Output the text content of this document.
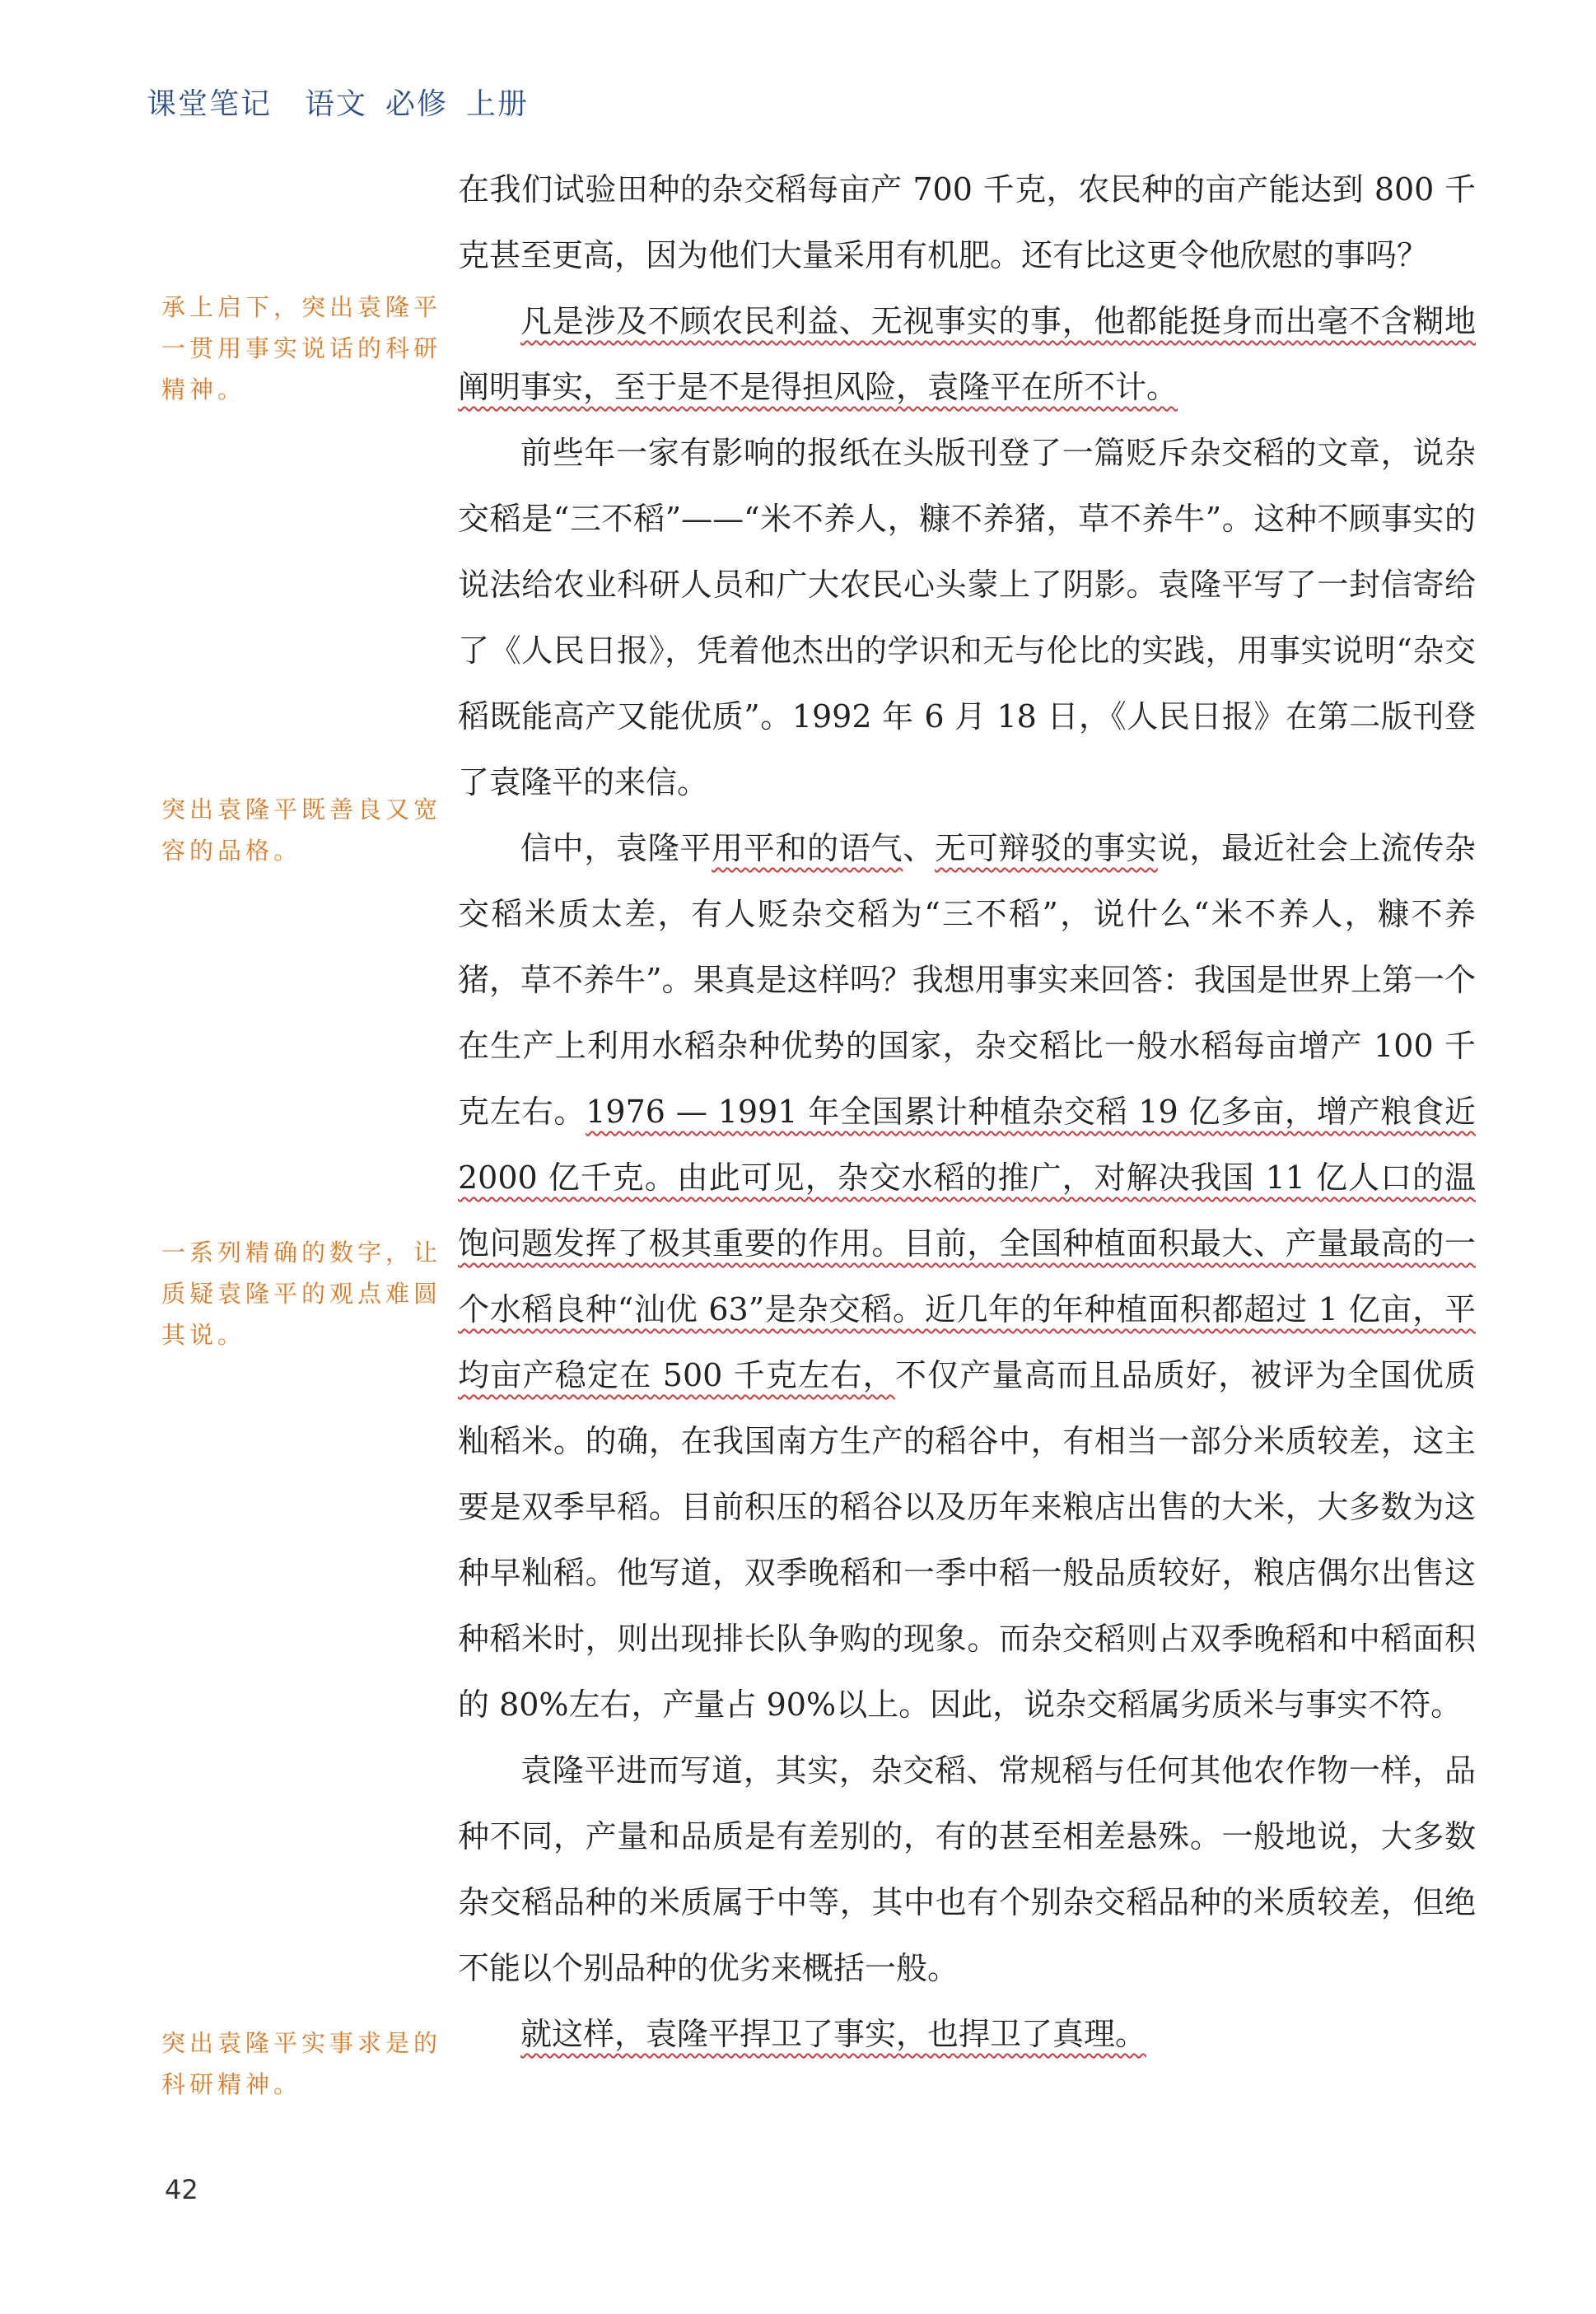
课堂笔记 语文 必修 上册
承上启下，突出袁隆平一贯用事实说话的科研精神。
突出袁隆平既善良又宽容的品格。
一系列精确的数字，让质疑袁隆平的观点难圆其说。
突出袁隆平实事求是的科研精神。

在我们试验田种的杂交稻每亩产 700 千克，农民种的亩产能达到 800 千克甚至更高，因为他们大量采用有机肥。还有比这更令他欣慰的事吗？

凡是涉及不顾农民利益、无视事实的事，他都能挺身而出毫不含糊地阐明事实，至于是不是得担风险，袁隆平在所不计。

前些年一家有影响的报纸在头版刊登了一篇贬斥杂交稻的文章，说杂交稻是“三不稻”——“米不养人，糠不养猪，草不养牛”。这种不顾事实的说法给农业科研人员和广大农民心头蒙上了阴影。袁隆平写了一封信寄给了《人民日报》，凭着他杰出的学识和无与伦比的实践，用事实说明“杂交稻既能高产又能优质”。1992 年 6 月 18 日，《人民日报》在第二版刊登了袁隆平的来信。

信中，袁隆平用平和的语气、无可辩驳的事实说，最近社会上流传杂交稻米质太差，有人贬杂交稻为“三不稻”，说什么“米不养人，糠不养猪，草不养牛”。果真是这样吗？我想用事实来回答：我国是世界上第一个在生产上利用水稻杂种优势的国家，杂交稻比一般水稻每亩增产 100 千克左右。1976 — 1991 年全国累计种植杂交稻 19 亿多亩，增产粮食近 2000 亿千克。由此可见，杂交水稻的推广，对解决我国 11 亿人口的温饱问题发挥了极其重要的作用。目前，全国种植面积最大、产量最高的一个水稻良种“汕优 63”是杂交稻。近几年的年种植面积都超过 1 亿亩，平均亩产稳定在 500 千克左右，不仅产量高而且品质好，被评为全国优质籼稻米。的确，在我国南方生产的稻谷中，有相当一部分米质较差，这主要是双季早稻。目前积压的稻谷以及历年来粮店出售的大米，大多数为这种早籼稻。他写道，双季晚稻和一季中稻一般品质较好，粮店偶尔出售这种稻米时，则出现排长队争购的现象。而杂交稻则占双季晚稻和中稻面积的 80%左右，产量占 90%以上。因此，说杂交稻属劣质米与事实不符。

袁隆平进而写道，其实，杂交稻、常规稻与任何其他农作物一样，品种不同，产量和品质是有差别的，有的甚至相差悬殊。一般地说，大多数杂交稻品种的米质属于中等，其中也有个别杂交稻品种的米质较差，但绝不能以个别品种的优劣来概括一般。

就这样，袁隆平捍卫了事实，也捍卫了真理。

42
